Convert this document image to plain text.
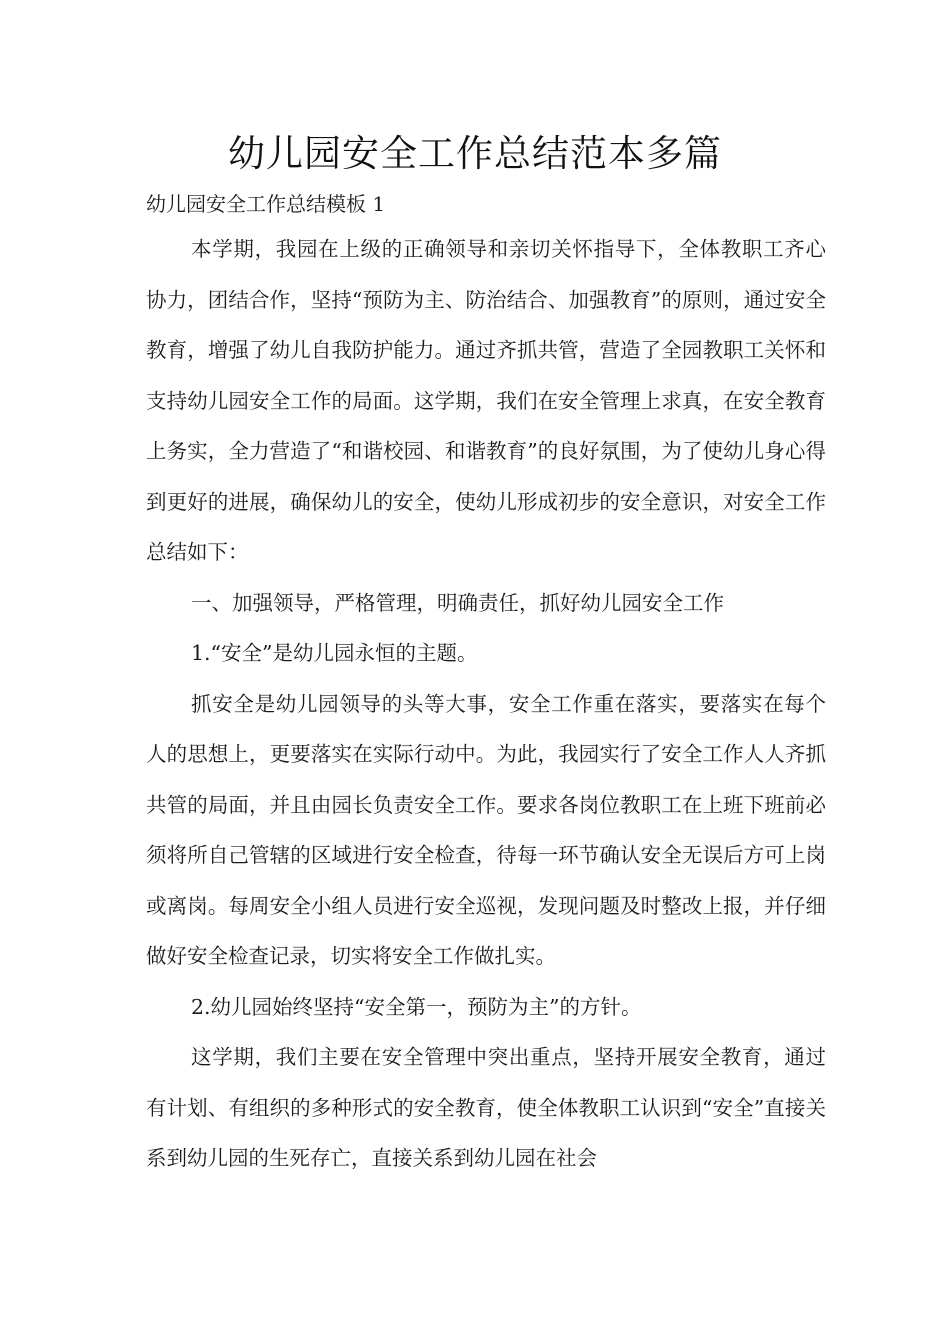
幼儿园安全工作总结范本多篇
幼儿园安全工作总结模板 1

本学期，我园在上级的正确领导和亲切关怀指导下，全体教职工齐心协力，团结合作，坚持“预防为主、防治结合、加强教育”的原则，通过安全教育，增强了幼儿自我防护能力。通过齐抓共管，营造了全园教职工关怀和支持幼儿园安全工作的局面。这学期，我们在安全管理上求真，在安全教育上务实，全力营造了“和谐校园、和谐教育”的良好氛围，为了使幼儿身心得到更好的进展，确保幼儿的安全，使幼儿形成初步的安全意识，对安全工作总结如下：

一、加强领导，严格管理，明确责任，抓好幼儿园安全工作

1.“安全”是幼儿园永恒的主题。

抓安全是幼儿园领导的头等大事，安全工作重在落实，要落实在每个人的思想上，更要落实在实际行动中。为此，我园实行了安全工作人人齐抓共管的局面，并且由园长负责安全工作。要求各岗位教职工在上班下班前必须将所自己管辖的区域进行安全检查，待每一环节确认安全无误后方可上岗或离岗。每周安全小组人员进行安全巡视，发现问题及时整改上报，并仔细做好安全检查记录，切实将安全工作做扎实。

2.幼儿园始终坚持“安全第一，预防为主”的方针。

这学期，我们主要在安全管理中突出重点，坚持开展安全教育，通过有计划、有组织的多种形式的安全教育，使全体教职工认识到“安全”直接关系到幼儿园的生死存亡，直接关系到幼儿园在社会
